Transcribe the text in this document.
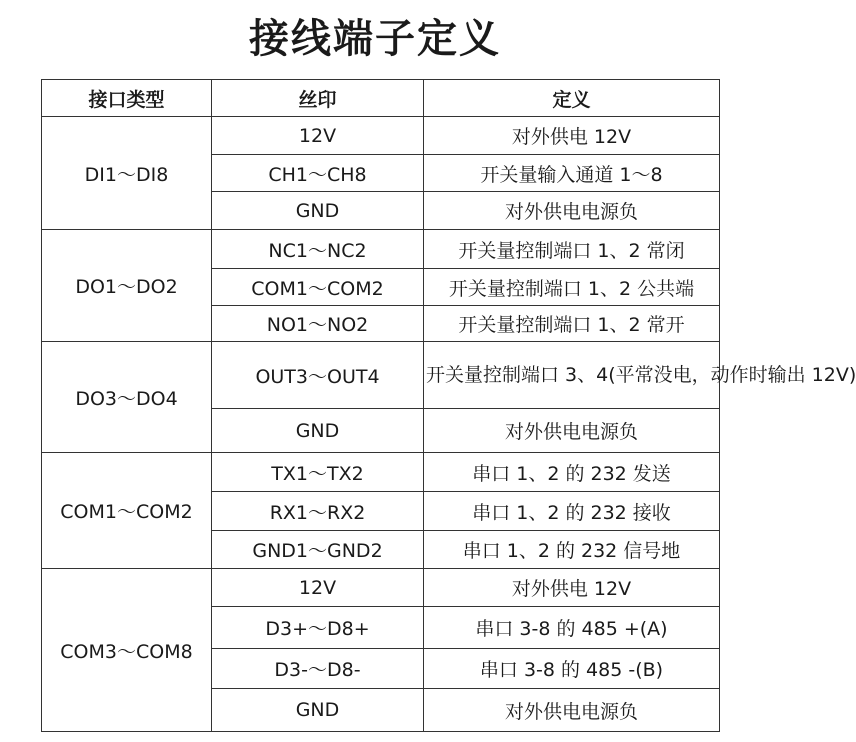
接线端子定义
接口类型	丝印	定义
DI1～DI8	12V	对外供电 12V
	CH1～CH8	开关量输入通道 1～8
	GND	对外供电电源负
DO1～DO2	NC1～NC2	开关量控制端口 1、2 常闭
	COM1～COM2	开关量控制端口 1、2 公共端
	NO1～NO2	开关量控制端口 1、2 常开
DO3～DO4	OUT3～OUT4	开关量控制端口 3、4(平常没电，动作时输出 12V)
	GND	对外供电电源负
COM1～COM2	TX1～TX2	串口 1、2 的 232 发送
	RX1～RX2	串口 1、2 的 232 接收
	GND1～GND2	串口 1、2 的 232 信号地
COM3～COM8	12V	对外供电 12V
	D3+～D8+	串口 3-8 的 485 +(A)
	D3-～D8-	串口 3-8 的 485 -(B)
	GND	对外供电电源负
